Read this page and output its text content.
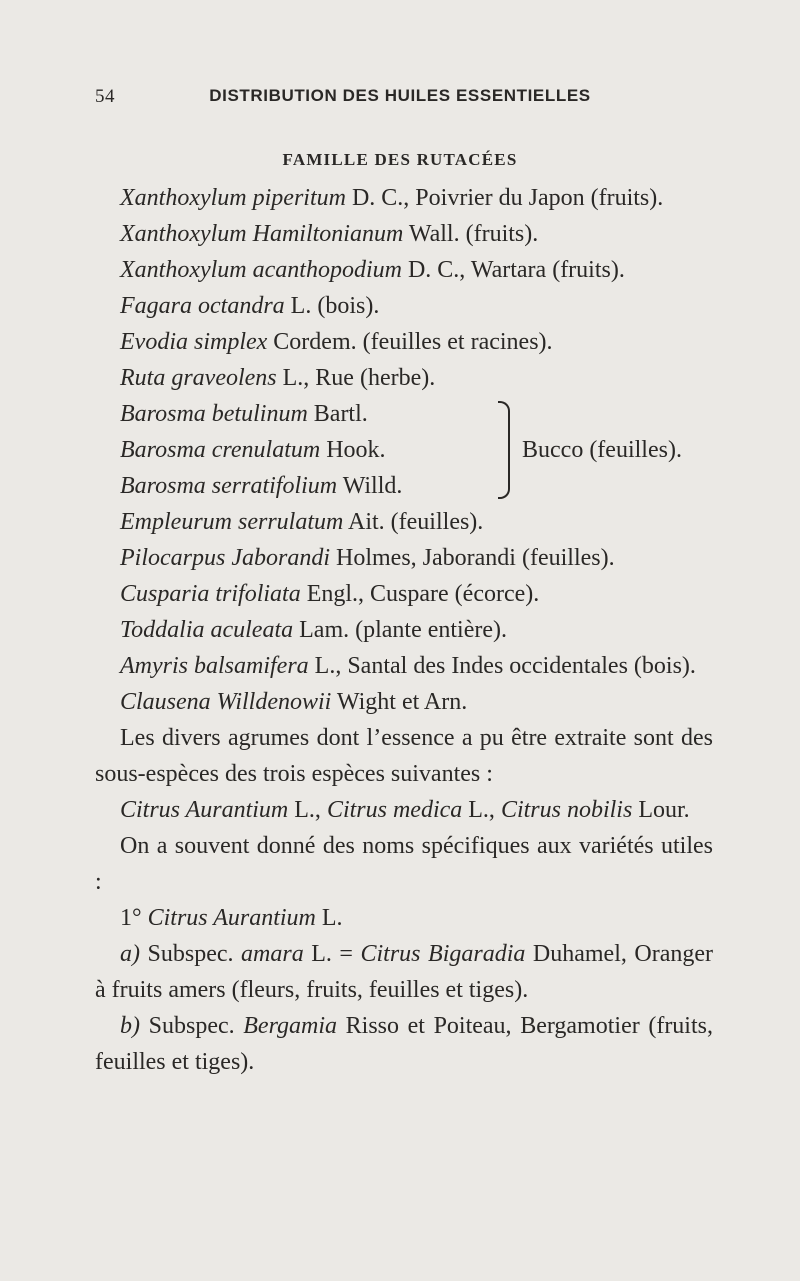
54	DISTRIBUTION DES HUILES ESSENTIELLES
FAMILLE DES RUTACÉES

Xanthoxylum piperitum D. C., Poivrier du Japon (fruits).

Xanthoxylum Hamiltonianum Wall. (fruits).

Xanthoxylum acanthopodium D. C., Wartara (fruits).

Fagara octandra L. (bois).

Evodia simplex Cordem. (feuilles et racines).

Ruta graveolens L., Rue (herbe).

Barosma betulinum Bartl.
Barosma crenulatum Hook.
Barosma serratifolium Willd.
Bucco (feuilles).

Empleurum serrulatum Ait. (feuilles).

Pilocarpus Jaborandi Holmes, Jaborandi (feuilles).

Cusparia trifoliata Engl., Cuspare (écorce).

Toddalia aculeata Lam. (plante entière).

Amyris balsamifera L., Santal des Indes occidentales (bois).

Clausena Willdenowii Wight et Arn.

Les divers agrumes dont l’essence a pu être extraite sont des sous-espèces des trois espèces suivantes :

Citrus Aurantium L., Citrus medica L., Citrus nobilis Lour.

On a souvent donné des noms spécifiques aux variétés utiles :

1° Citrus Aurantium L.

a) Subspec. amara L. = Citrus Bigaradia Duhamel, Oranger à fruits amers (fleurs, fruits, feuilles et tiges).

b) Subspec. Bergamia Risso et Poiteau, Bergamotier (fruits, feuilles et tiges).
